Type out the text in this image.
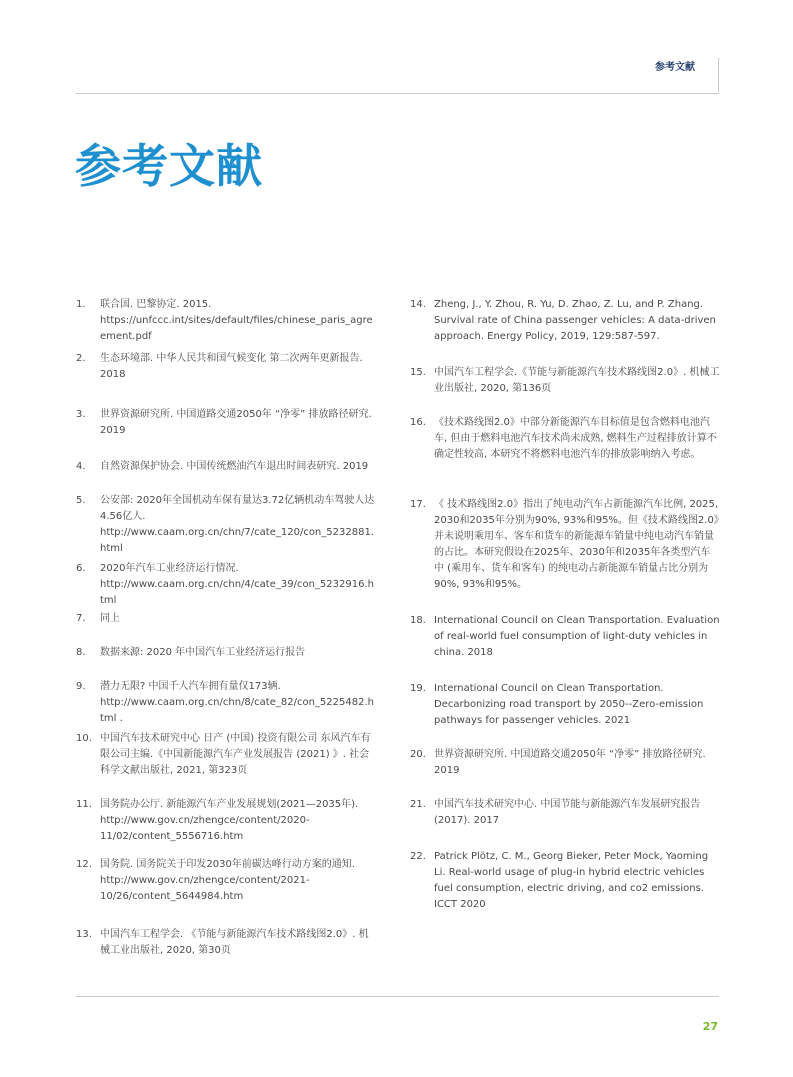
参考文献
参考文献
1.	联合国. 巴黎协定. 2015. https://unfccc.int/sites/default/files/chinese_paris_agreement.pdf
2.	生态环境部. 中华人民共和国气候变化 第二次两年更新报告. 2018
3.	世界资源研究所. 中国道路交通2050年 “净零” 排放路径研究. 2019
4.	自然资源保护协会. 中国传统燃油汽车退出时间表研究. 2019
5.	公安部: 2020年全国机动车保有量达3.72亿辆机动车驾驶人达4.56亿人. http://www.caam.org.cn/chn/7/cate_120/con_5232881.html
6.	2020年汽车工业经济运行情况. http://www.caam.org.cn/chn/4/cate_39/con_5232916.html
7.	同上
8.	数据来源: 2020 年中国汽车工业经济运行报告
9.	潜力无限? 中国千人汽车拥有量仅173辆. http://www.caam.org.cn/chn/8/cate_82/con_5225482.html .
10. 中国汽车技术研究中心 日产 (中国) 投资有限公司 东风汽车有限公司主编.《中国新能源汽车产业发展报告 (2021) 》. 社会科学文献出版社, 2021, 第323页
11. 国务院办公厅. 新能源汽车产业发展规划(2021—2035年). http://www.gov.cn/zhengce/content/2020-11/02/content_5556716.htm
12. 国务院. 国务院关于印发2030年前碳达峰行动方案的通知. http://www.gov.cn/zhengce/content/2021-10/26/content_5644984.htm
13. 中国汽车工程学会. 《节能与新能源汽车技术路线图2.0》. 机械工业出版社, 2020, 第30页
14. Zheng, J., Y. Zhou, R. Yu, D. Zhao, Z. Lu, and P. Zhang. Survival rate of China passenger vehicles: A data-driven approach. Energy Policy, 2019, 129:587-597.
15. 中国汽车工程学会.《节能与新能源汽车技术路线图2.0》. 机械工业出版社, 2020, 第136页
16. 《技术路线图2.0》中部分新能源汽车目标值是包含燃料电池汽车, 但由于燃料电池汽车技术尚未成熟, 燃料生产过程排放计算不确定性较高, 本研究不将燃料电池汽车的排放影响纳入考虑。
17. 《 技术路线图2.0》指出了纯电动汽车占新能源汽车比例, 2025, 2030和2035年分别为90%, 93%和95%。但《技术路线图2.0》并未说明乘用车、客车和货车的新能源车销量中纯电动汽车销量的占比。本研究假设在2025年、2030年和2035年各类型汽车中 (乘用车、货车和客车) 的纯电动占新能源车销量占比分别为90%, 93%和95%。
18. International Council on Clean Transportation. Evaluation of real-world fuel consumption of light-duty vehicles in china. 2018
19. International Council on Clean Transportation. Decarbonizing road transport by 2050--Zero-emission pathways for passenger vehicles. 2021
20. 世界资源研究所. 中国道路交通2050年 “净零” 排放路径研究. 2019
21. 中国汽车技术研究中心. 中国节能与新能源汽车发展研究报告 (2017). 2017
22. Patrick Plötz, C. M., Georg Bieker, Peter Mock, Yaoming Li. Real-world usage of plug-in hybrid electric vehicles fuel consumption, electric driving, and co2 emissions. ICCT 2020
27
